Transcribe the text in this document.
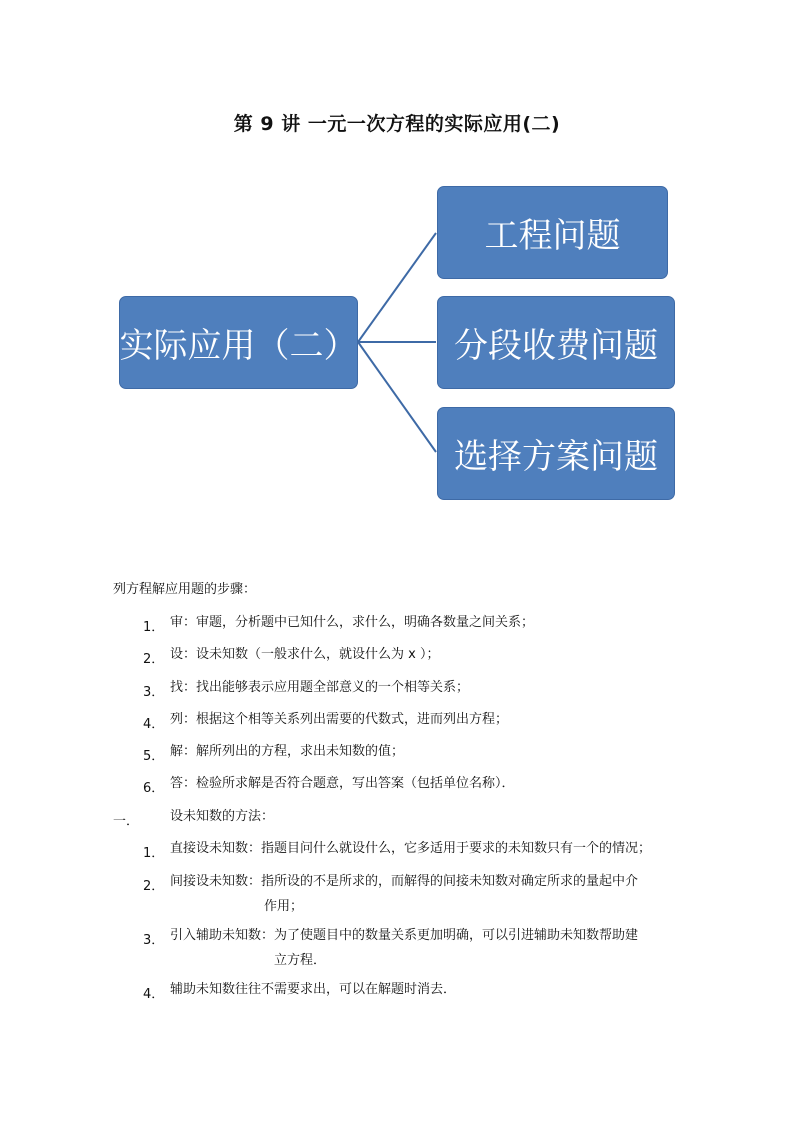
第 9 讲 一元一次方程的实际应用(二)
实际应用（二）
工程问题
分段收费问题
选择方案问题
列方程解应用题的步骤：
1． 审：审题，分析题中已知什么，求什么，明确各数量之间关系；
2． 设：设未知数（一般求什么，就设什么为 x ）；
3． 找：找出能够表示应用题全部意义的一个相等关系；
4． 列：根据这个相等关系列出需要的代数式，进而列出方程；
5． 解：解所列出的方程，求出未知数的值；
6． 答：检验所求解是否符合题意，写出答案（包括单位名称）．
一． 设未知数的方法：
1． 直接设未知数：指题目问什么就设什么，它多适用于要求的未知数只有一个的情况；
2． 间接设未知数：指所设的不是所求的，而解得的间接未知数对确定所求的量起中介
作用；
3． 引入辅助未知数：为了使题目中的数量关系更加明确，可以引进辅助未知数帮助建
立方程．
4． 辅助未知数往往不需要求出，可以在解题时消去．
